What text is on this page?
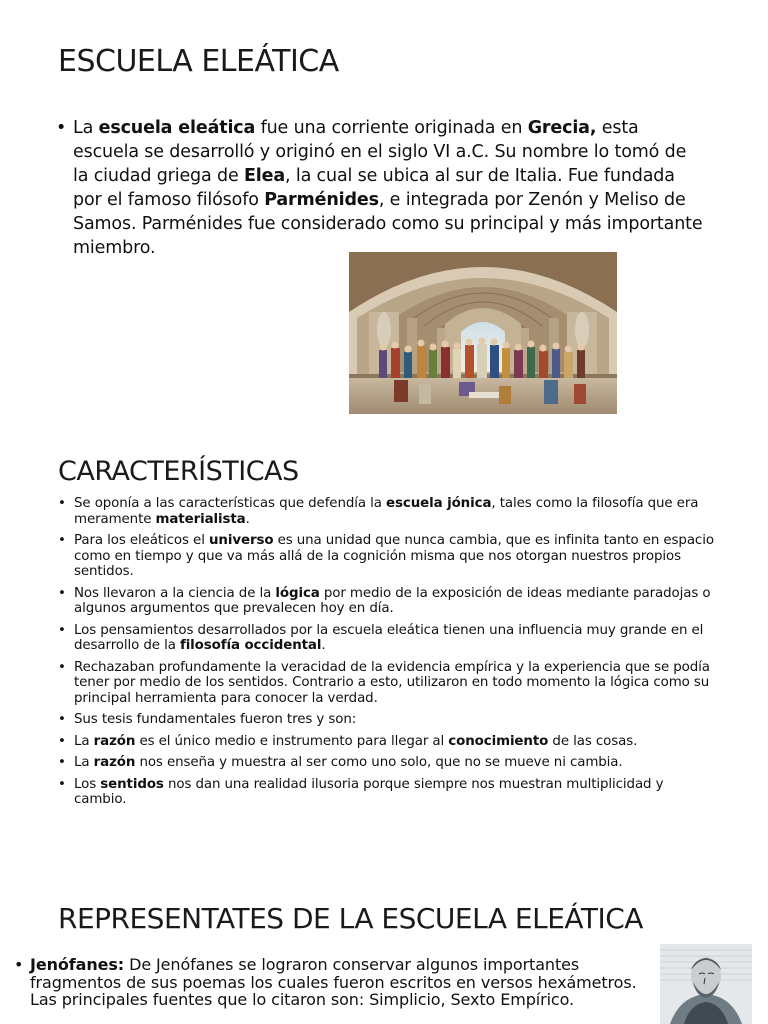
ESCUELA ELEÁTICA
• La escuela eleática fue una corriente originada en Grecia, esta escuela se desarrolló y originó en el siglo VI a.C. Su nombre lo tomó de la ciudad griega de Elea, la cual se ubica al sur de Italia. Fue fundada por el famoso filósofo Parménides, e integrada por Zenón y Meliso de Samos. Parménides fue considerado como su principal y más importante miembro.
CARACTERÍSTICAS
• Se oponía a las características que defendía la escuela jónica, tales como la filosofía que era meramente materialista.
• Para los eleáticos el universo es una unidad que nunca cambia, que es infinita tanto en espacio como en tiempo y que va más allá de la cognición misma que nos otorgan nuestros propios sentidos.
• Nos llevaron a la ciencia de la lógica por medio de la exposición de ideas mediante paradojas o algunos argumentos que prevalecen hoy en día.
• Los pensamientos desarrollados por la escuela eleática tienen una influencia muy grande en el desarrollo de la filosofía occidental.
• Rechazaban profundamente la veracidad de la evidencia empírica y la experiencia que se podía tener por medio de los sentidos. Contrario a esto, utilizaron en todo momento la lógica como su principal herramienta para conocer la verdad.
• Sus tesis fundamentales fueron tres y son:
• La razón es el único medio e instrumento para llegar al conocimiento de las cosas.
• La razón nos enseña y muestra al ser como uno solo, que no se mueve ni cambia.
• Los sentidos nos dan una realidad ilusoria porque siempre nos muestran multiplicidad y cambio.
REPRESENTATES DE LA ESCUELA ELEÁTICA
• Jenófanes: De Jenófanes se lograron conservar algunos importantes fragmentos de sus poemas los cuales fueron escritos en versos hexámetros. Las principales fuentes que lo citaron son: Simplicio, Sexto Empírico.
